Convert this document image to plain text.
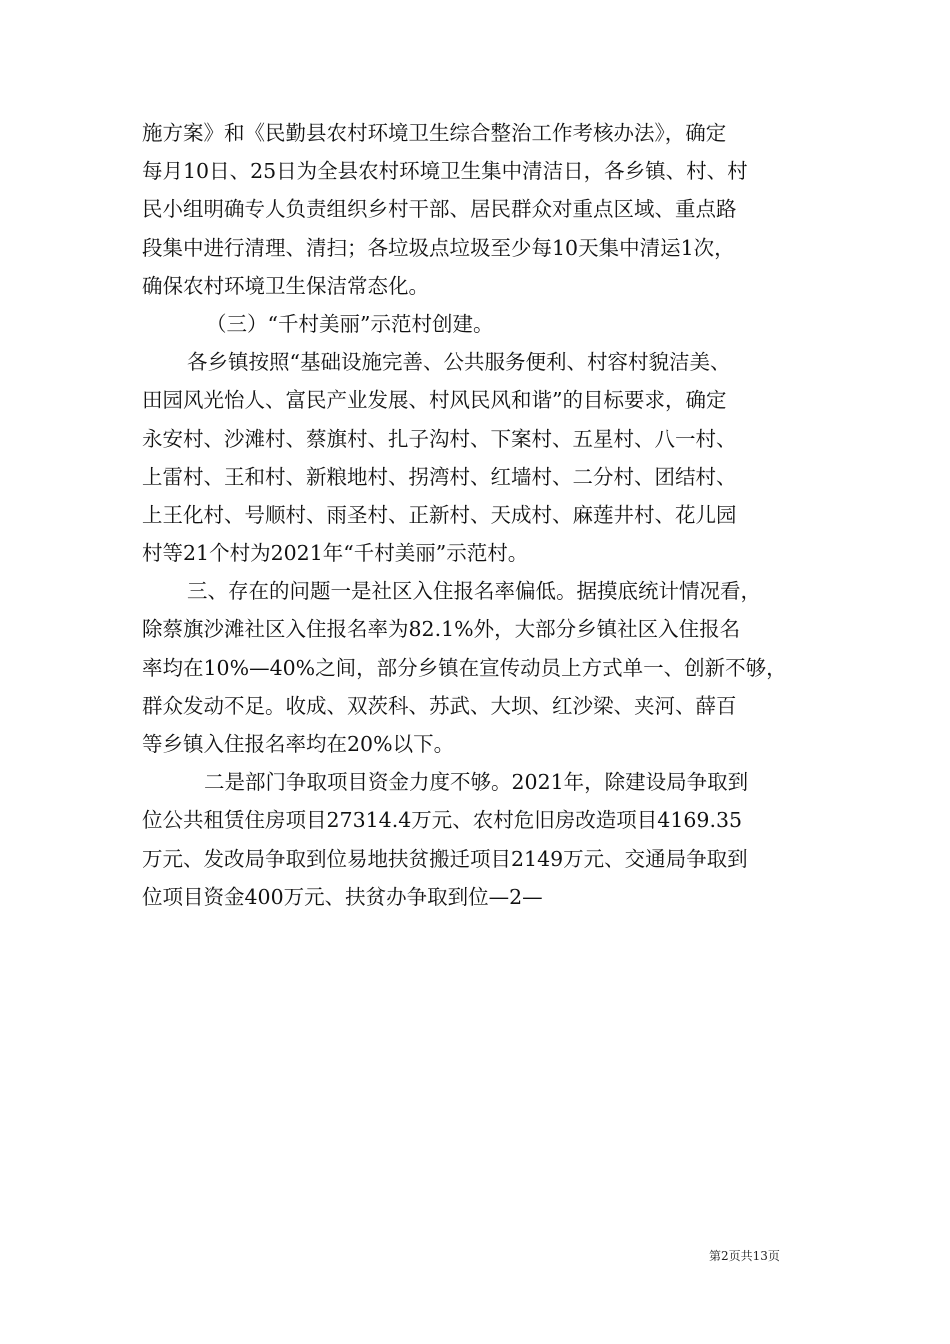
施方案》和《民勤县农村环境卫生综合整治工作考核办法》，确定
每月10日、25日为全县农村环境卫生集中清洁日，各乡镇、村、村
民小组明确专人负责组织乡村干部、居民群众对重点区域、重点路
段集中进行清理、清扫；各垃圾点垃圾至少每10天集中清运1次，
确保农村环境卫生保洁常态化。
（三）“千村美丽”示范村创建。
各乡镇按照“基础设施完善、公共服务便利、村容村貌洁美、
田园风光怡人、富民产业发展、村风民风和谐”的目标要求，确定
永安村、沙滩村、蔡旗村、扎子沟村、下案村、五星村、八一村、
上雷村、王和村、新粮地村、拐湾村、红墙村、二分村、团结村、
上王化村、号顺村、雨圣村、正新村、天成村、麻莲井村、花儿园
村等21个村为2021年“千村美丽”示范村。
三、存在的问题一是社区入住报名率偏低。据摸底统计情况看，
除蔡旗沙滩社区入住报名率为82.1%外，大部分乡镇社区入住报名
率均在10%—40%之间，部分乡镇在宣传动员上方式单一、创新不够，
群众发动不足。收成、双茨科、苏武、大坝、红沙梁、夹河、薛百
等乡镇入住报名率均在20%以下。
二是部门争取项目资金力度不够。2021年，除建设局争取到
位公共租赁住房项目27314.4万元、农村危旧房改造项目4169.35
万元、发改局争取到位易地扶贫搬迁项目2149万元、交通局争取到
位项目资金400万元、扶贫办争取到位—2—
第2页共13页
